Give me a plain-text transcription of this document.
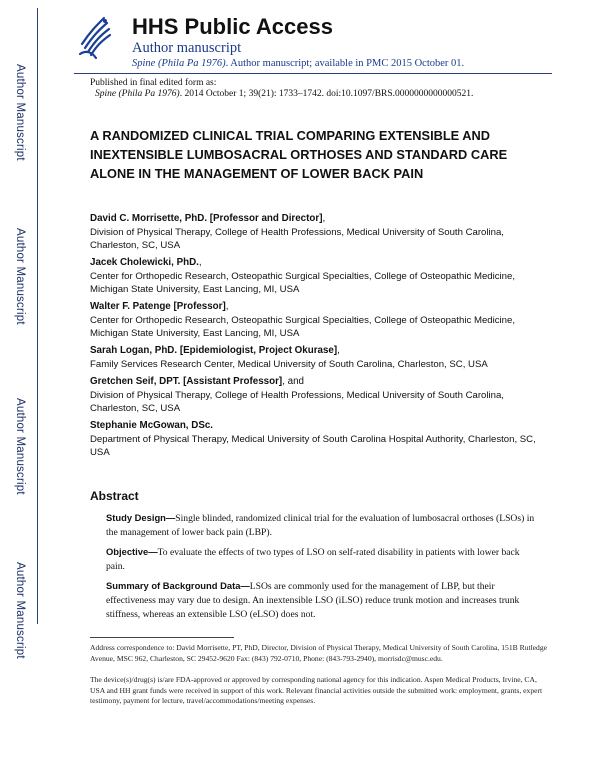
Author Manuscript
Author Manuscript
Author Manuscript
Author Manuscript
HHS Public Access
Author manuscript
Spine (Phila Pa 1976). Author manuscript; available in PMC 2015 October 01.
Published in final edited form as:
Spine (Phila Pa 1976). 2014 October 1; 39(21): 1733–1742. doi:10.1097/BRS.0000000000000521.
A RANDOMIZED CLINICAL TRIAL COMPARING EXTENSIBLE AND INEXTENSIBLE LUMBOSACRAL ORTHOSES AND STANDARD CARE ALONE IN THE MANAGEMENT OF LOWER BACK PAIN
David C. Morrisette, PhD. [Professor and Director],
Division of Physical Therapy, College of Health Professions, Medical University of South Carolina, Charleston, SC, USA
Jacek Cholewicki, PhD.,
Center for Orthopedic Research, Osteopathic Surgical Specialties, College of Osteopathic Medicine, Michigan State University, East Lancing, MI, USA
Walter F. Patenge [Professor],
Center for Orthopedic Research, Osteopathic Surgical Specialties, College of Osteopathic Medicine, Michigan State University, East Lancing, MI, USA
Sarah Logan, PhD. [Epidemiologist, Project Okurase],
Family Services Research Center, Medical University of South Carolina, Charleston, SC, USA
Gretchen Seif, DPT. [Assistant Professor], and
Division of Physical Therapy, College of Health Professions, Medical University of South Carolina, Charleston, SC, USA
Stephanie McGowan, DSc.
Department of Physical Therapy, Medical University of South Carolina Hospital Authority, Charleston, SC, USA
Abstract
Study Design—Single blinded, randomized clinical trial for the evaluation of lumbosacral orthoses (LSOs) in the management of lower back pain (LBP).
Objective—To evaluate the effects of two types of LSO on self-rated disability in patients with lower back pain.
Summary of Background Data—LSOs are commonly used for the management of LBP, but their effectiveness may vary due to design. An inextensible LSO (iLSO) reduce trunk motion and increases trunk stiffness, whereas an extensible LSO (eLSO) does not.
Address correspondence to: David Morrisette, PT, PhD, Director, Division of Physical Therapy, Medical University of South Carolina, 151B Rutledge Avenue, MSC 962, Charleston, SC 29452-9620 Fax: (843) 792-0710, Phone: (843-793-2940), morrisdc@musc.edu.
The device(s)/drug(s) is/are FDA-approved or approved by corresponding national agency for this indication. Aspen Medical Products, Irvine, CA, USA and HH grant funds were received in support of this work. Relevant financial activities outside the submitted work: employment, grants, expert testimony, payment for lecture, travel/accommodations/meeting expenses.
